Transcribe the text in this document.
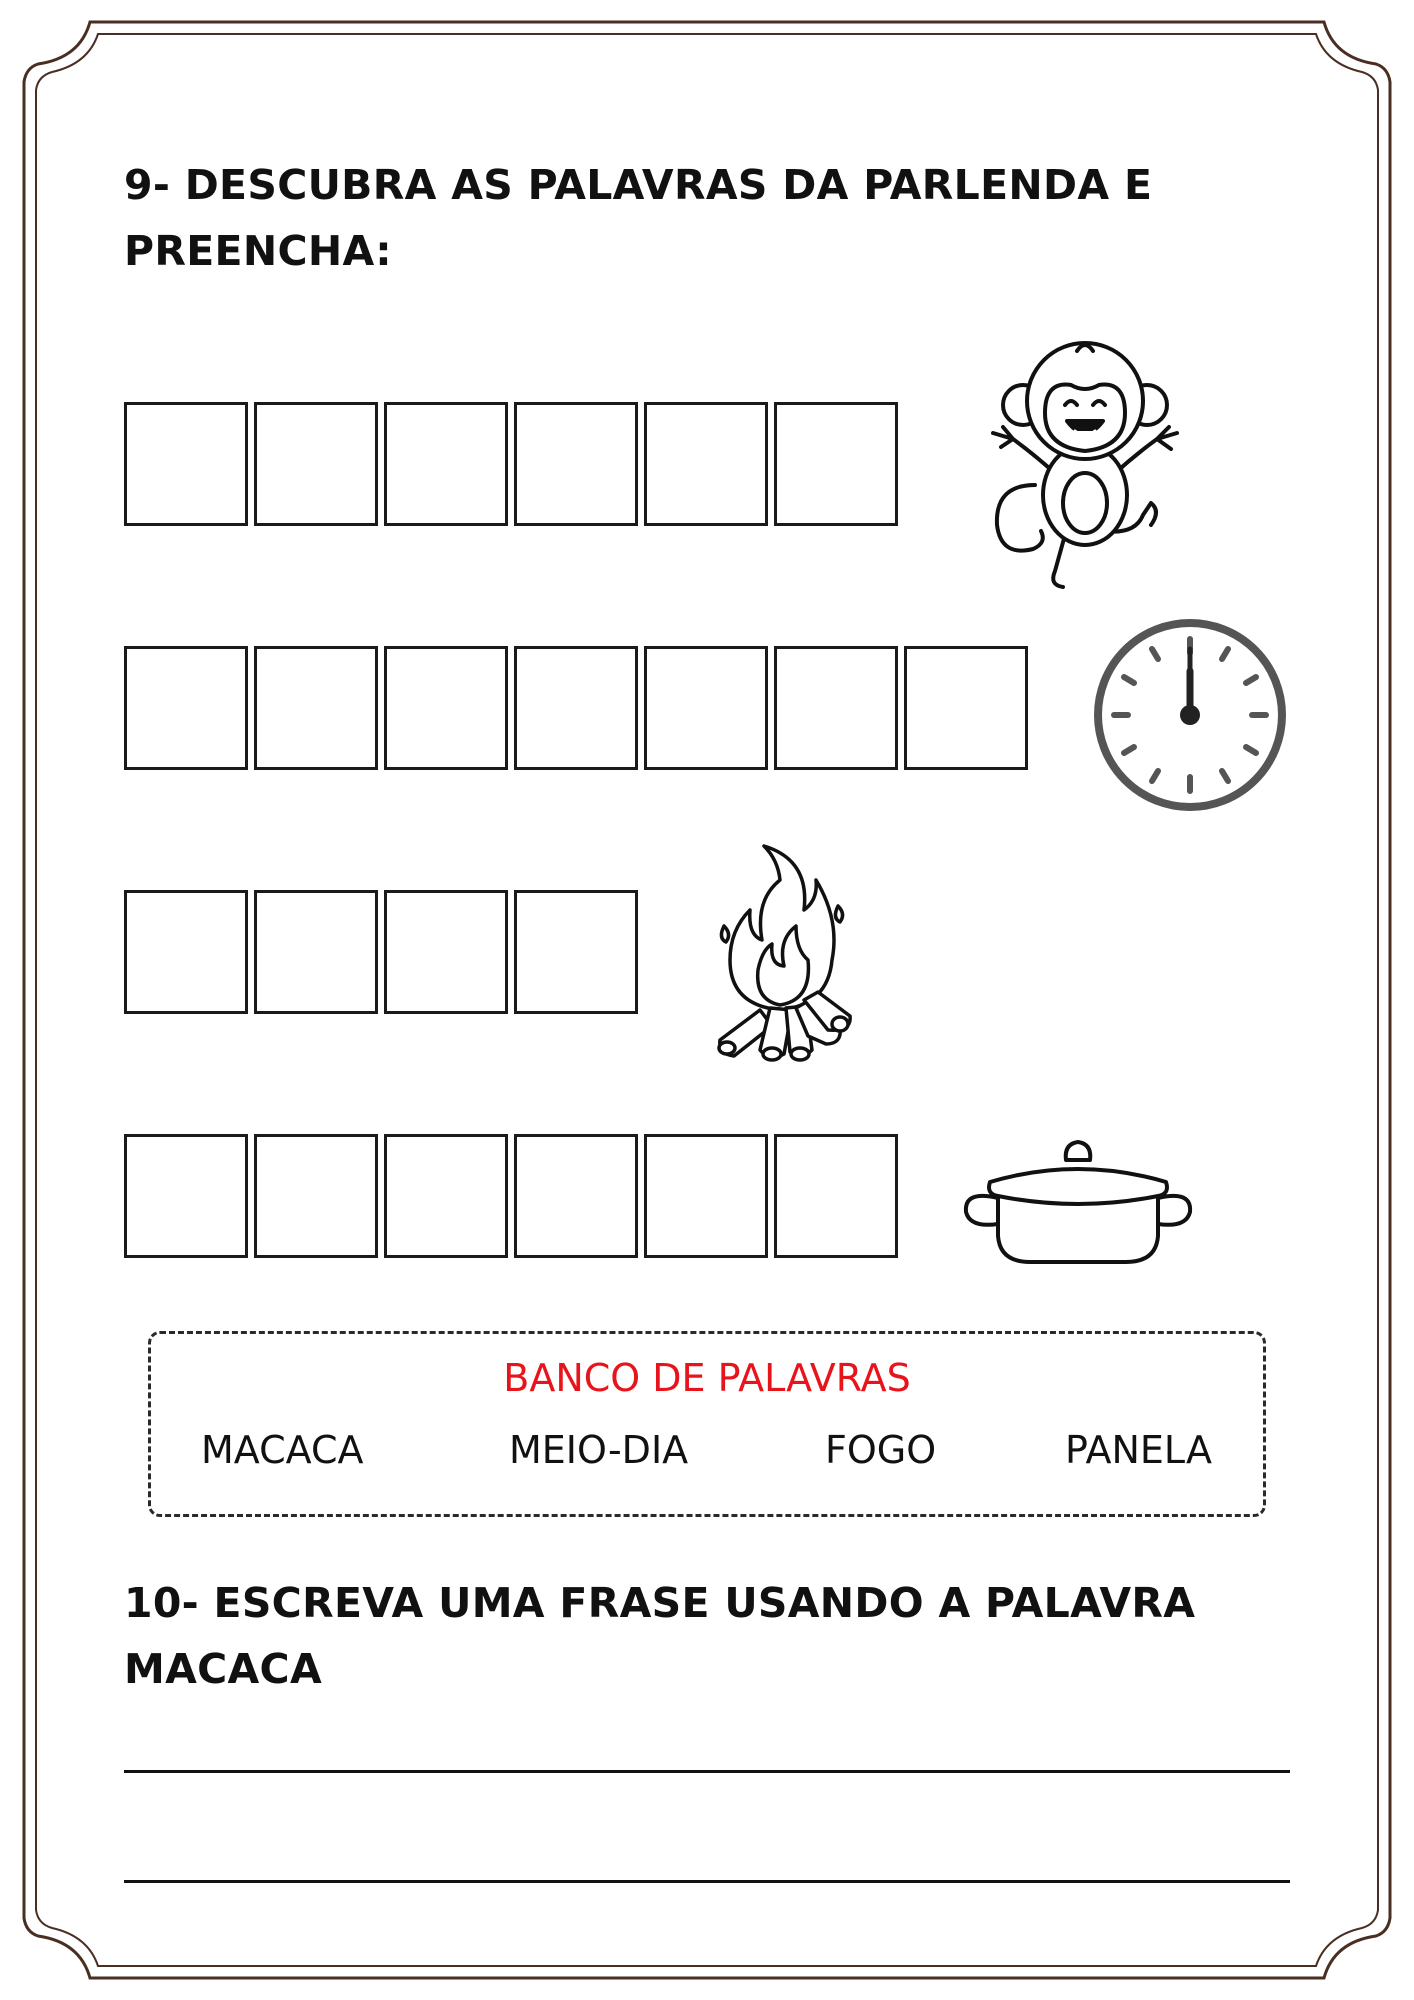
9- DESCUBRA AS PALAVRAS DA PARLENDA E PREENCHA:
BANCO DE PALAVRAS
MACACA	MEIO-DIA	FOGO	PANELA
10- ESCREVA UMA FRASE USANDO A PALAVRA MACACA
